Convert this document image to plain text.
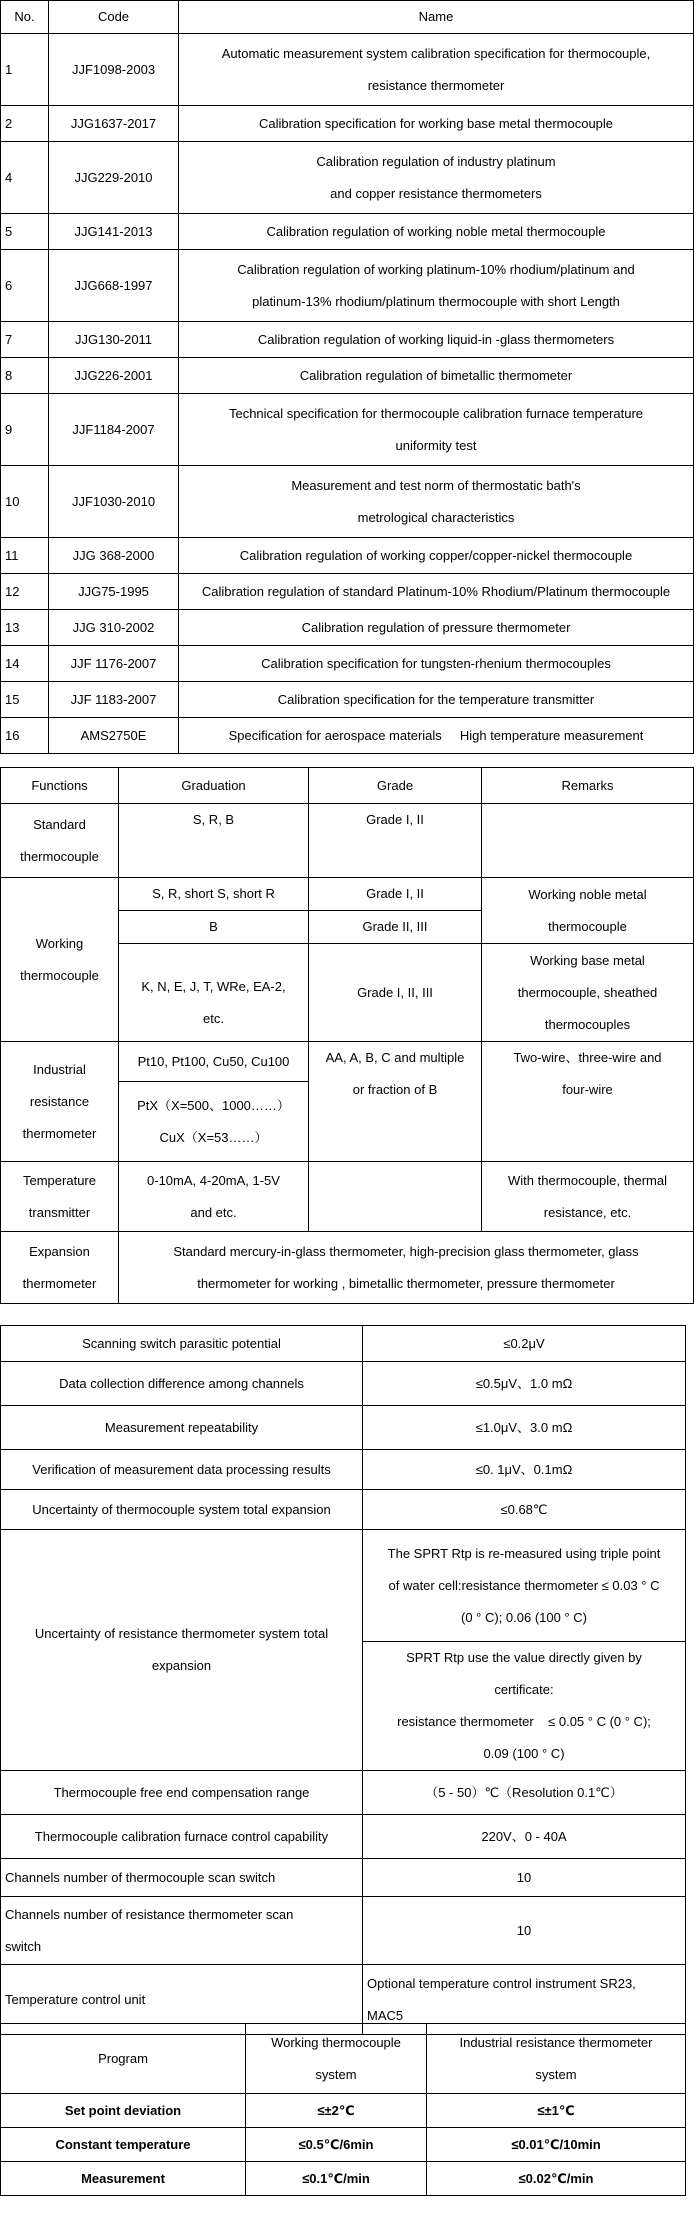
No.	Code	Name
1	JJF1098-2003	Automatic measurement system calibration specification for thermocouple,
resistance thermometer

2	JJG1637-2017	Calibration specification for working base metal thermocouple

4	JJG229-2010	Calibration regulation of industry platinum
and copper resistance thermometers

5	JJG141-2013	Calibration regulation of working noble metal thermocouple

6	JJG668-1997	Calibration regulation of working platinum-10% rhodium/platinum and
platinum-13% rhodium/platinum thermocouple with short Length

7	JJG130-2011	Calibration regulation of working liquid-in -glass thermometers

8	JJG226-2001	Calibration regulation of bimetallic thermometer

9	JJF1184-2007	Technical specification for thermocouple calibration furnace temperature
uniformity test

10	JJF1030-2010	Measurement and test norm of thermostatic bath's
metrological characteristics

11	JJG 368-2000	Calibration regulation of working copper/copper-nickel thermocouple

12	JJG75-1995	Calibration regulation of standard Platinum-10% Rhodium/Platinum thermocouple

13	JJG 310-2002	Calibration regulation of pressure thermometer

14	JJF 1176-2007	Calibration specification for tungsten-rhenium thermocouples

15	JJF 1183-2007	Calibration specification for the temperature transmitter

16	AMS2750E	Specification for aerospace materials     High temperature measurement
Functions	Graduation	Grade	Remarks

Standard
thermocouple	S, R, B	Grade I, II	

Working
thermocouple	S, R, short S, short R	Grade I, II	Working noble metal
thermocouple

	B	Grade II, III	

	K, N, E, J, T, WRe, EA-2,
etc.	Grade I, II, III	Working base metal
thermocouple, sheathed
thermocouples

Industrial
resistance
thermometer	Pt10, Pt100, Cu50, Cu100	AA, A, B, C and multiple
or fraction of B	Two-wire、three-wire and
four-wire

	PtX（X=500、1000……）
CuX（X=53……）		

Temperature
transmitter	0-10mA, 4-20mA, 1-5V
and etc.		With thermocouple, thermal
resistance, etc.

Expansion
thermometer	Standard mercury-in-glass thermometer, high-precision glass thermometer, glass
thermometer for working , bimetallic thermometer, pressure thermometer		
Scanning switch parasitic potential	≤0.2μV

Data collection difference among channels	≤0.5μV、1.0 mΩ

Measurement repeatability	≤1.0μV、3.0 mΩ

Verification of measurement data processing results	≤0. 1μV、0.1mΩ

Uncertainty of thermocouple system total expansion	≤0.68℃

Uncertainty of resistance thermometer system total
expansion	The SPRT Rtp is re-measured using triple point
of water cell:resistance thermometer ≤ 0.03 ° C
(0 ° C); 0.06 (100 ° C)

	SPRT Rtp use the value directly given by
certificate:
resistance thermometer    ≤ 0.05 ° C (0 ° C);
0.09 (100 ° C)

Thermocouple free end compensation range	（5 - 50）℃（Resolution 0.1℃）

Thermocouple calibration furnace control capability	220V、0 - 40A

Channels number of thermocouple scan switch	10

Channels number of resistance thermometer scan
switch	10
Temperature control unit	Optional temperature control instrument SR23,
MAC5
Program	Working thermocouple
system	Industrial resistance thermometer
system

Set point deviation	≤±2℃	≤±1℃
Constant temperature	≤0.5℃/6min	≤0.01℃/10min
Measurement	≤0.1℃/min	≤0.02℃/min
